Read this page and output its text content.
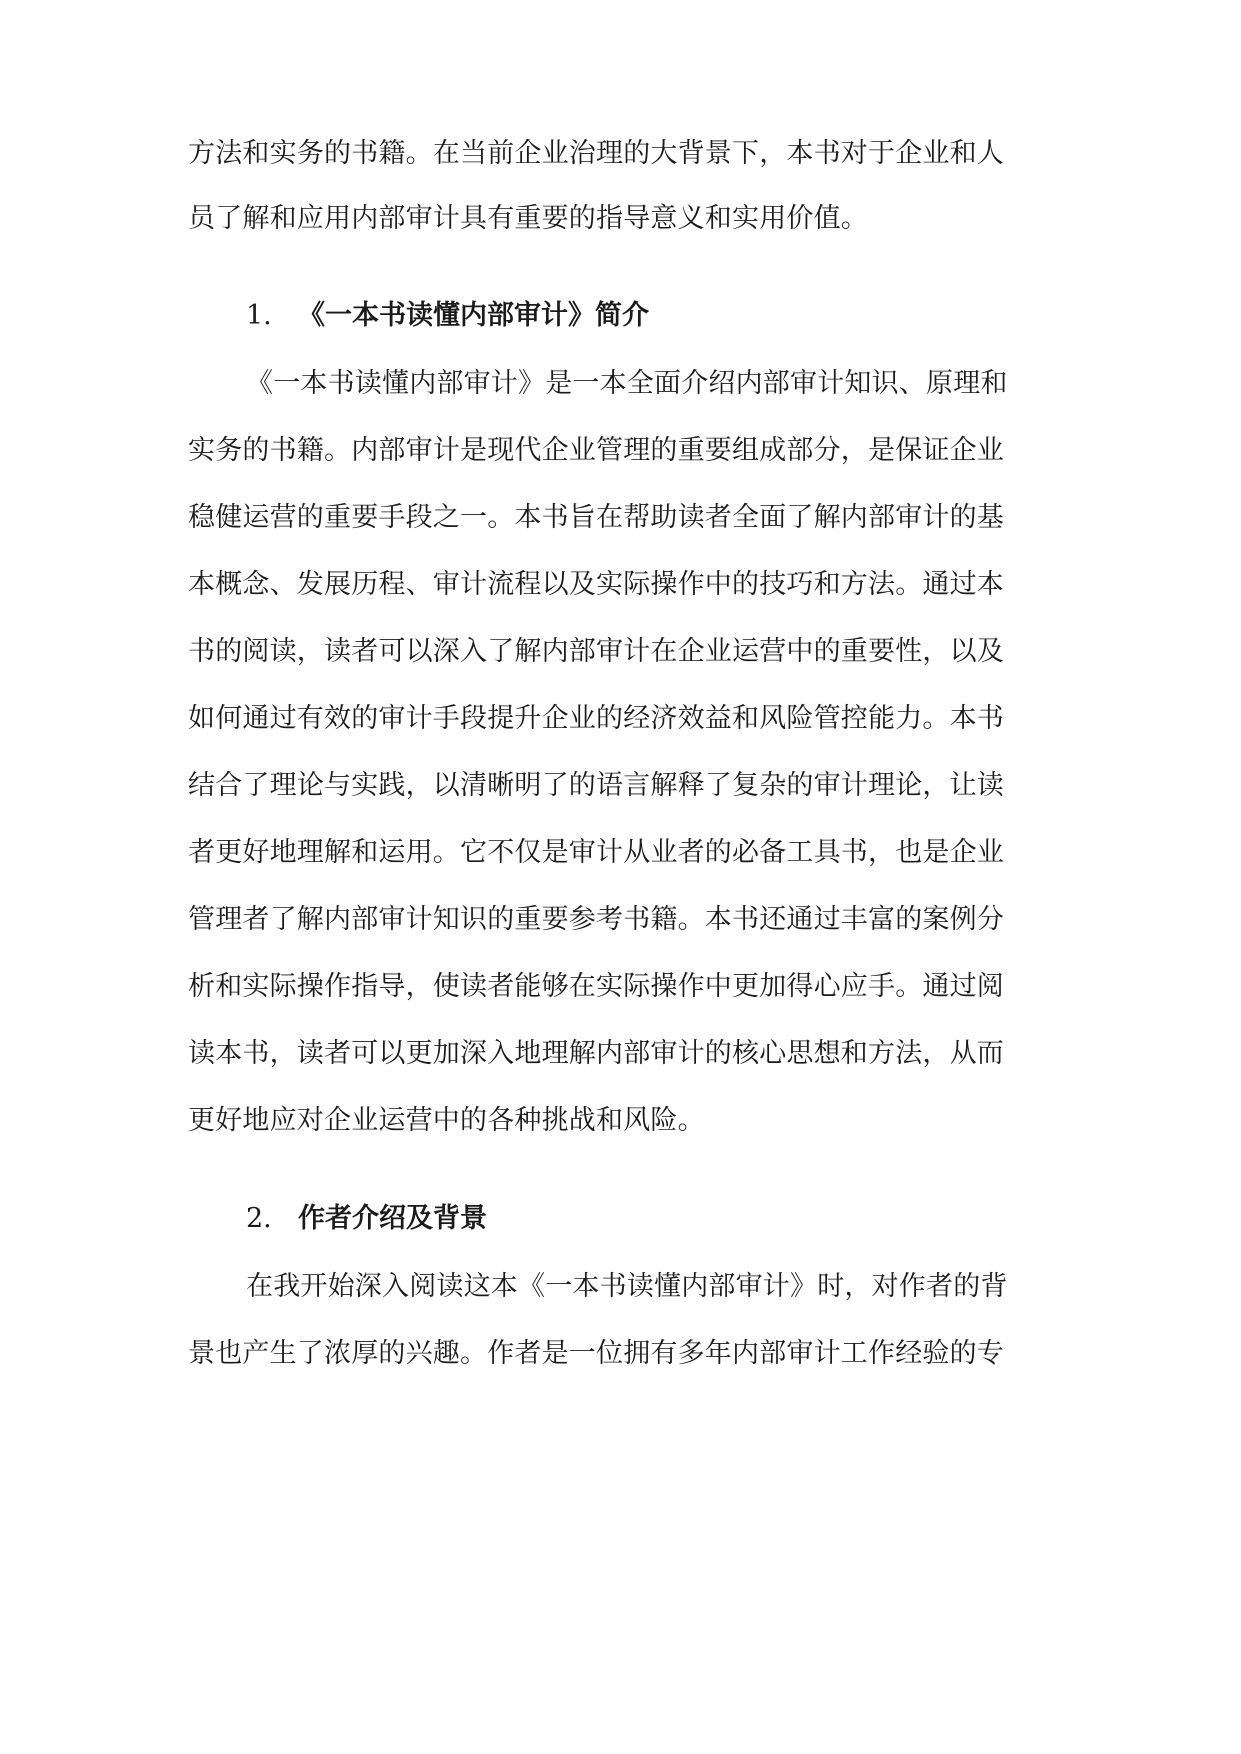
方法和实务的书籍。在当前企业治理的大背景下，本书对于企业和人
员了解和应用内部审计具有重要的指导意义和实用价值。
1. 《一本书读懂内部审计》简介
《一本书读懂内部审计》是一本全面介绍内部审计知识、原理和
实务的书籍。内部审计是现代企业管理的重要组成部分，是保证企业
稳健运营的重要手段之一。本书旨在帮助读者全面了解内部审计的基
本概念、发展历程、审计流程以及实际操作中的技巧和方法。通过本
书的阅读，读者可以深入了解内部审计在企业运营中的重要性，以及
如何通过有效的审计手段提升企业的经济效益和风险管控能力。本书
结合了理论与实践，以清晰明了的语言解释了复杂的审计理论，让读
者更好地理解和运用。它不仅是审计从业者的必备工具书，也是企业
管理者了解内部审计知识的重要参考书籍。本书还通过丰富的案例分
析和实际操作指导，使读者能够在实际操作中更加得心应手。通过阅
读本书，读者可以更加深入地理解内部审计的核心思想和方法，从而
更好地应对企业运营中的各种挑战和风险。
2. 作者介绍及背景
在我开始深入阅读这本《一本书读懂内部审计》时，对作者的背
景也产生了浓厚的兴趣。作者是一位拥有多年内部审计工作经验的专
